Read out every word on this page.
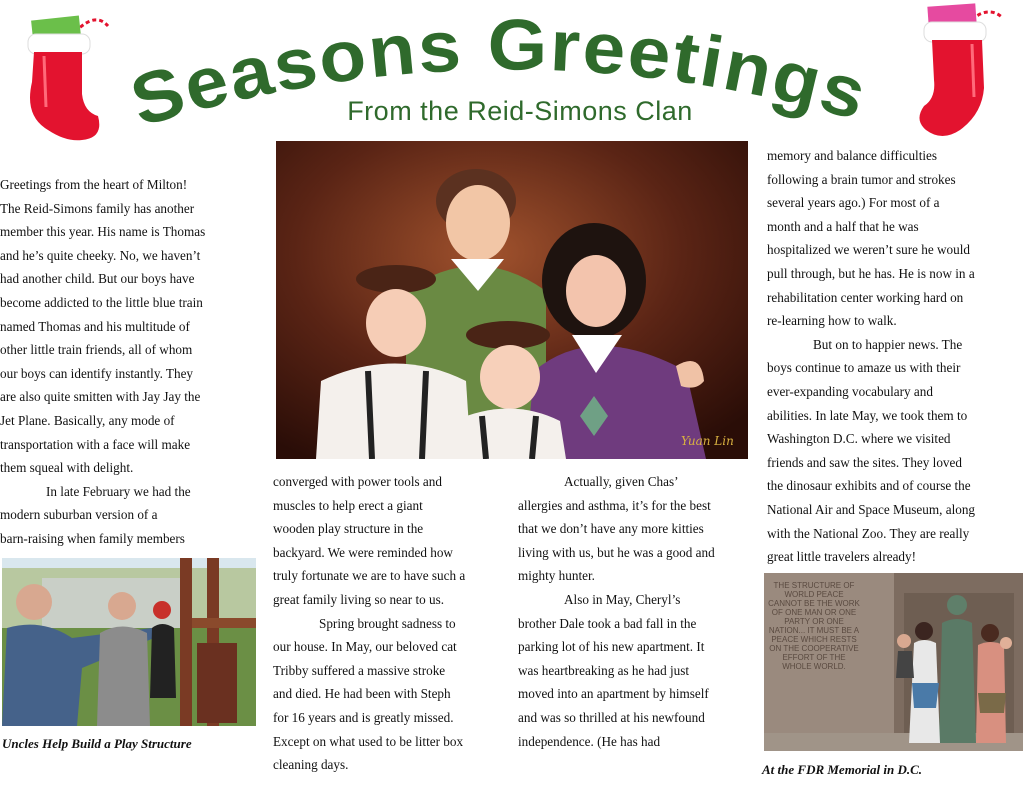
Seasons Greetings
From the Reid-Simons Clan
Yuan Lin
Uncles Help Build a Play Structure
THE STRUCTURE OF WORLD PEACE CANNOT BE THE WORK OF ONE MAN OR ONE PARTY OR ONE NATION... IT MUST BE A PEACE WHICH RESTS ON THE COOPERATIVE EFFORT OF THE WHOLE WORLD.
At the FDR Memorial in D.C.

Greetings from the heart of Milton!

The Reid-Simons family has another

member this year. His name is Thomas

and he’s quite cheeky. No, we haven’t

had another child. But our boys have

become addicted to the little blue train

named Thomas and his multitude of

other little train friends, all of whom

our boys can identify instantly. They

are also quite smitten with Jay Jay the

Jet Plane. Basically, any mode of

transportation with a face will make

them squeal with delight.

In late February we had the

modern suburban version of a

barn-raising when family members

converged with power tools and

muscles to help erect a giant

wooden play structure in the

backyard. We were reminded how

truly fortunate we are to have such a

great family living so near to us.

Spring brought sadness to

our house. In May, our beloved cat

Tribby suffered a massive stroke

and died. He had been with Steph

for 16 years and is greatly missed.

Except on what used to be litter box

cleaning days.

Actually, given Chas’

allergies and asthma, it’s for the best

that we don’t have any more kitties

living with us, but he was a good and

mighty hunter.

Also in May, Cheryl’s

brother Dale took a bad fall in the

parking lot of his new apartment. It

was heartbreaking as he had just

moved into an apartment by himself

and was so thrilled at his newfound

independence. (He has had

memory and balance difficulties

following a brain tumor and strokes

several years ago.) For most of a

month and a half that he was

hospitalized we weren’t sure he would

pull through, but he has. He is now in a

rehabilitation center working hard on

re-learning how to walk.

But on to happier news. The

boys continue to amaze us with their

ever-expanding vocabulary and

abilities. In late May, we took them to

Washington D.C. where we visited

friends and saw the sites. They loved

the dinosaur exhibits and of course the

National Air and Space Museum, along

with the National Zoo. They are really

great little travelers already!
